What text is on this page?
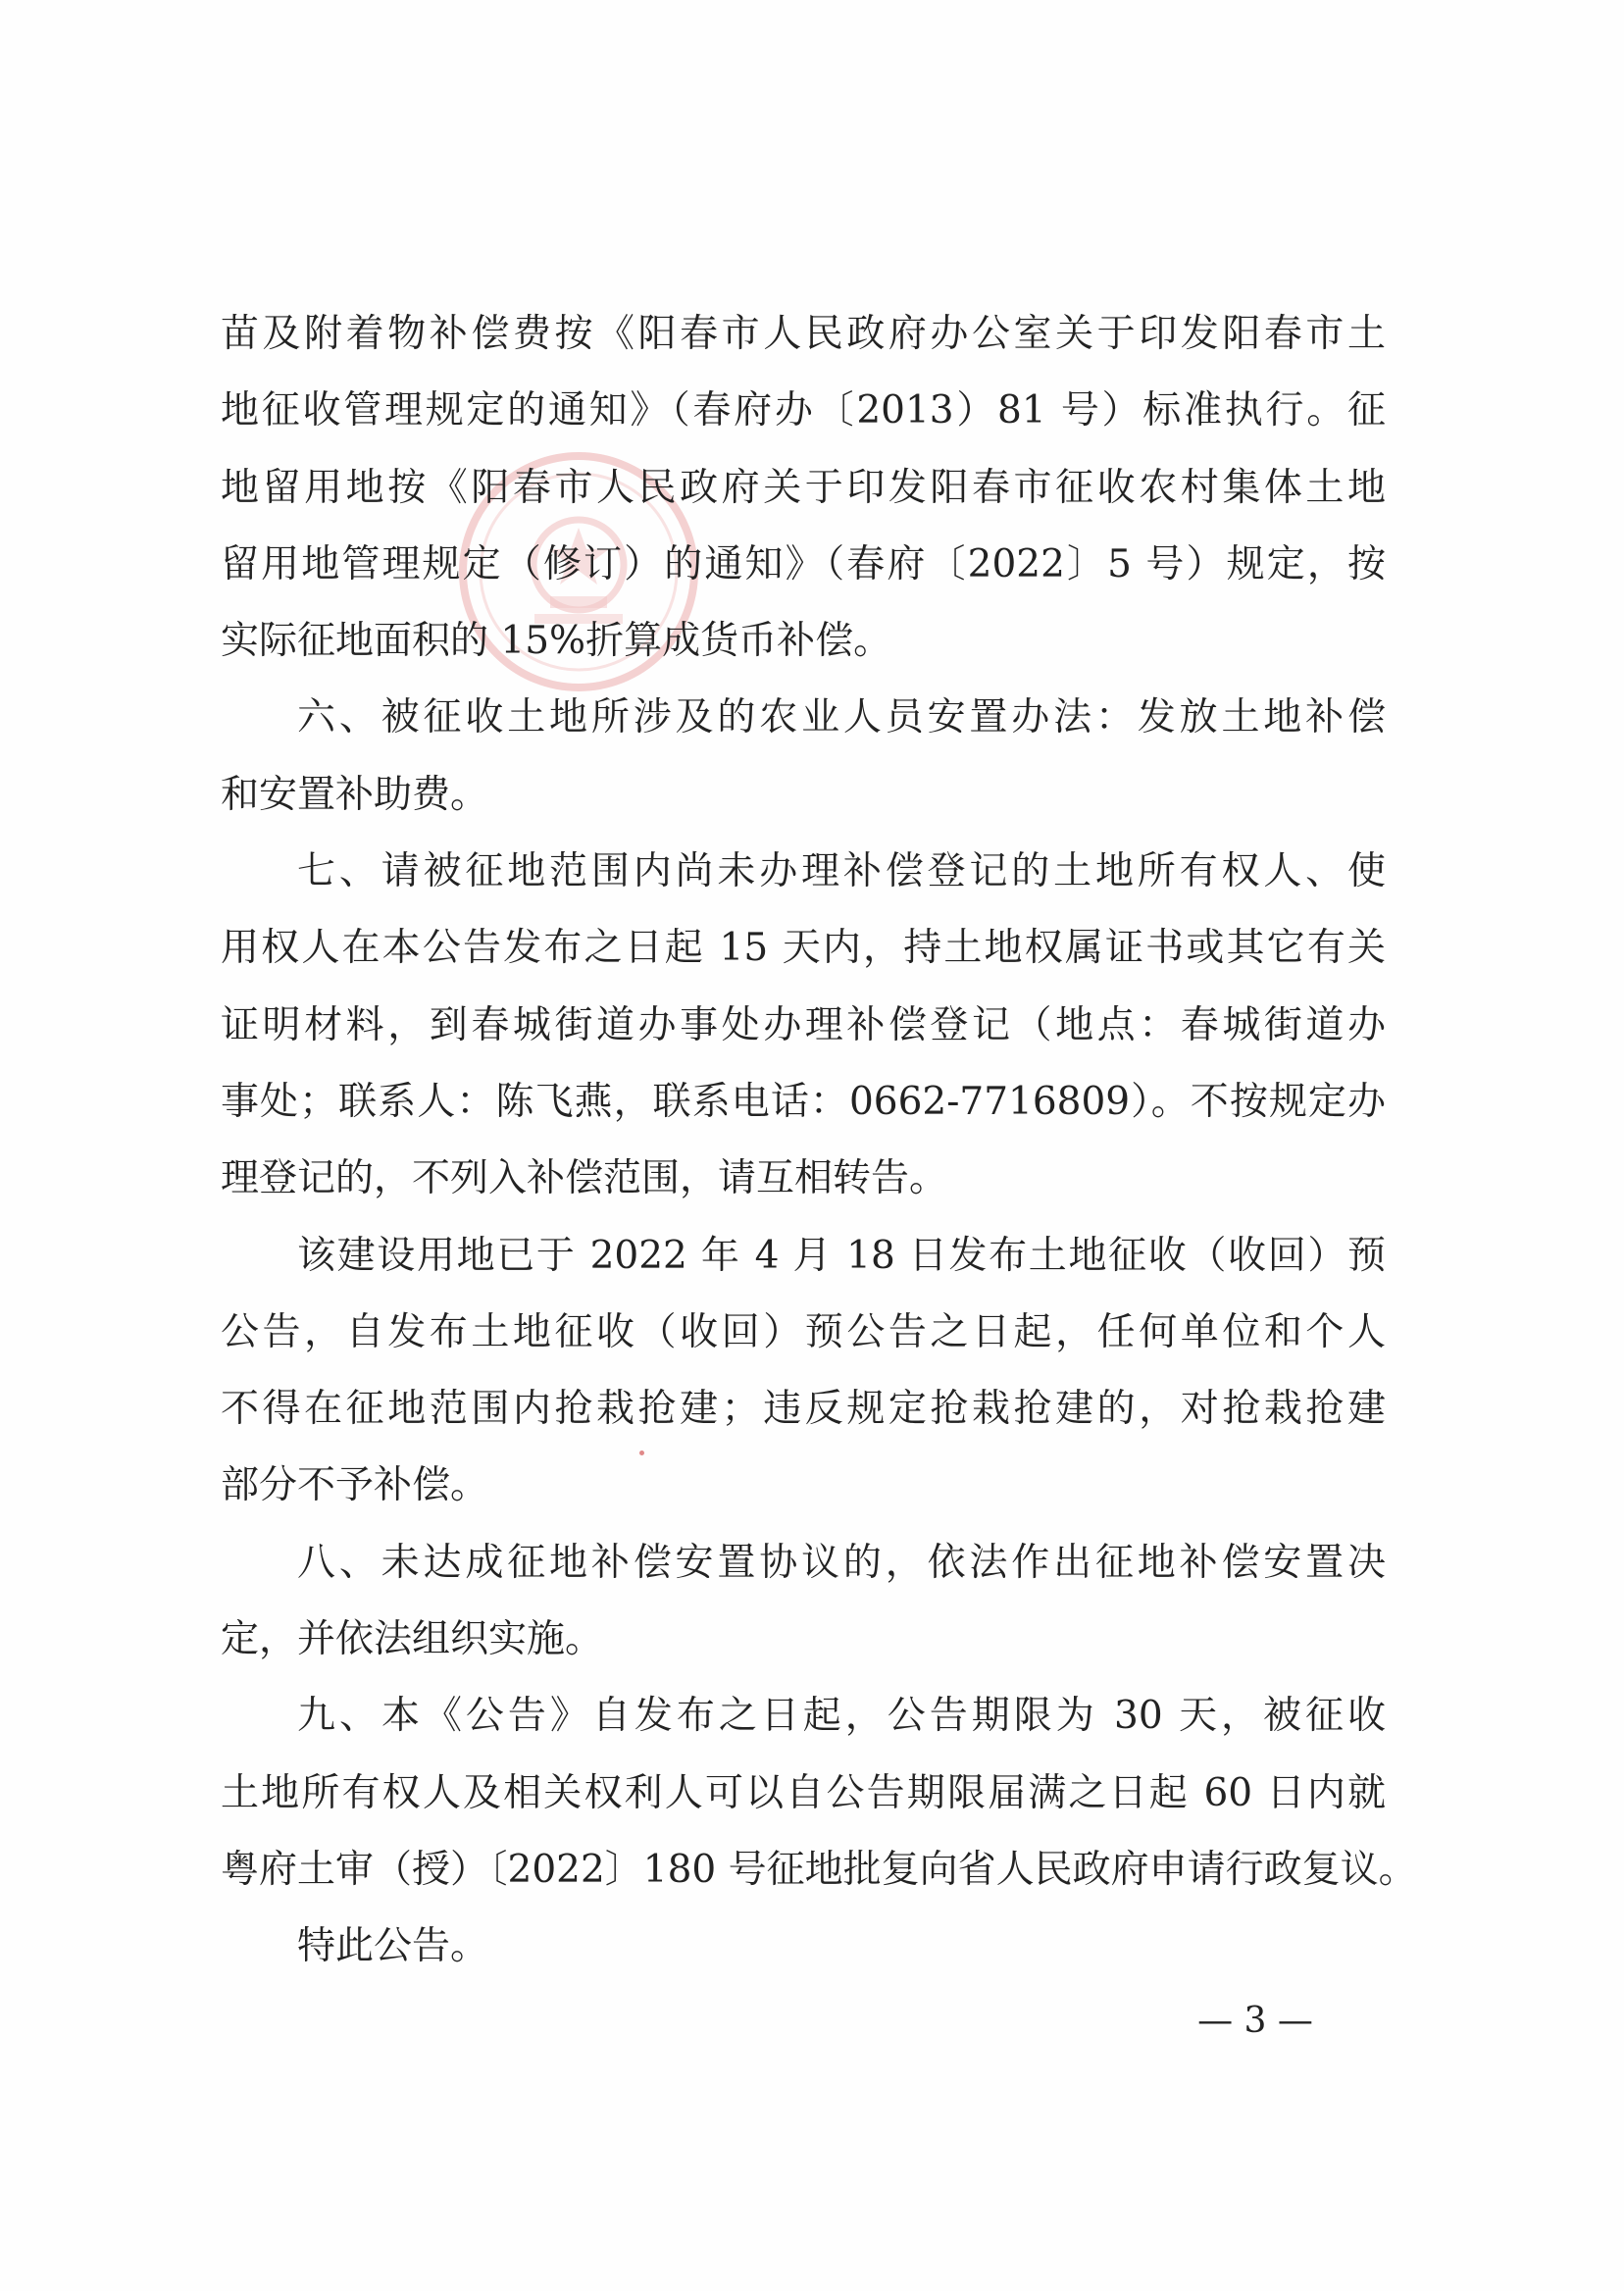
苗及附着物补偿费按《阳春市人民政府办公室关于印发阳春市土
地征收管理规定的通知》（春府办〔2013）81 号）标准执行。征
地留用地按《阳春市人民政府关于印发阳春市征收农村集体土地
留用地管理规定（修订）的通知》（春府〔2022〕5 号）规定，按
实际征地面积的 15%折算成货币补偿。
六、被征收土地所涉及的农业人员安置办法：发放土地补偿
和安置补助费。
七、请被征地范围内尚未办理补偿登记的土地所有权人、使
用权人在本公告发布之日起 15 天内，持土地权属证书或其它有关
证明材料，到春城街道办事处办理补偿登记（地点：春城街道办
事处；联系人：陈飞燕，联系电话：0662-7716809）。不按规定办
理登记的，不列入补偿范围，请互相转告。
该建设用地已于 2022 年 4 月 18 日发布土地征收（收回）预
公告，自发布土地征收（收回）预公告之日起，任何单位和个人
不得在征地范围内抢栽抢建；违反规定抢栽抢建的，对抢栽抢建
部分不予补偿。
八、未达成征地补偿安置协议的，依法作出征地补偿安置决
定，并依法组织实施。
九、本《公告》自发布之日起，公告期限为 30 天，被征收
土地所有权人及相关权利人可以自公告期限届满之日起 60 日内就
粤府土审（授）〔2022〕180 号征地批复向省人民政府申请行政复议。
特此公告。
— 3 —
